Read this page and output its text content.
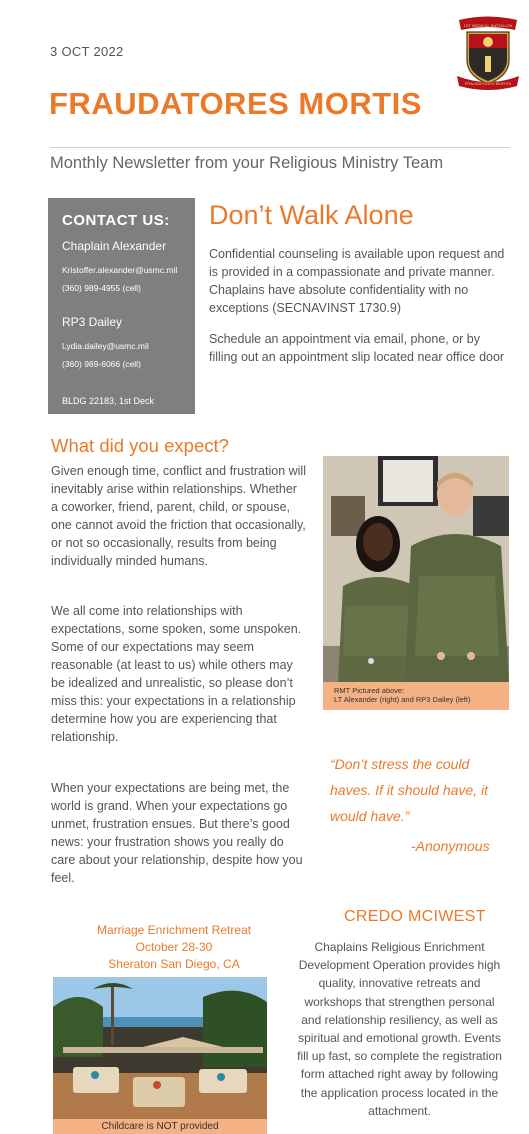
3 OCT 2022
1ST MEDICAL BATTALION
FRAUDATORES MORTIS
FRAUDATORES MORTIS
Monthly Newsletter from your Religious Ministry Team
CONTACT US:
Chaplain Alexander
Kristoffer.alexander@usmc.mil
(360) 989-4955 (cell)
RP3 Dailey
Lydia.dailey@usmc.mil
(360) 969-6066 (cell)
BLDG 22183, 1st Deck
Don’t Walk Alone
Confidential counseling is available upon request and is provided in a compassionate and private manner. Chaplains have absolute confidentiality with no exceptions (SECNAVINST 1730.9)
Schedule an appointment via email, phone, or by filling out an appointment slip located near office door
What did you expect?
Given enough time, conflict and frustration will inevitably arise within relationships. Whether a coworker, friend, parent, child, or spouse, one cannot avoid the friction that occasionally, or not so occasionally, results from being individually minded humans.
We all come into relationships with expectations, some spoken, some unspoken. Some of our expectations may seem reasonable (at least to us) while others may be idealized and unrealistic, so please don’t miss this: your expectations in a relationship determine how you are experiencing that relationship.
When your expectations are being met, the world is grand. When your expectations go unmet, frustration ensues. But there’s good news: your frustration shows you really do care about your relationship, despite how you feel.
RMT Pictured above:
LT Alexander (right) and RP3 Dailey (left)
“Don’t stress the could haves. If it should have, it would have.”
-Anonymous
CREDO MCIWEST
Chaplains Religious Enrichment Development Operation provides high quality, innovative retreats and workshops that strengthen personal and relationship resiliency, as well as spiritual and emotional growth. Events fill up fast, so complete the registration form attached right away by following the application process located in the attachment.
Marriage Enrichment Retreat
October 28-30
Sheraton San Diego, CA
Childcare is NOT provided
